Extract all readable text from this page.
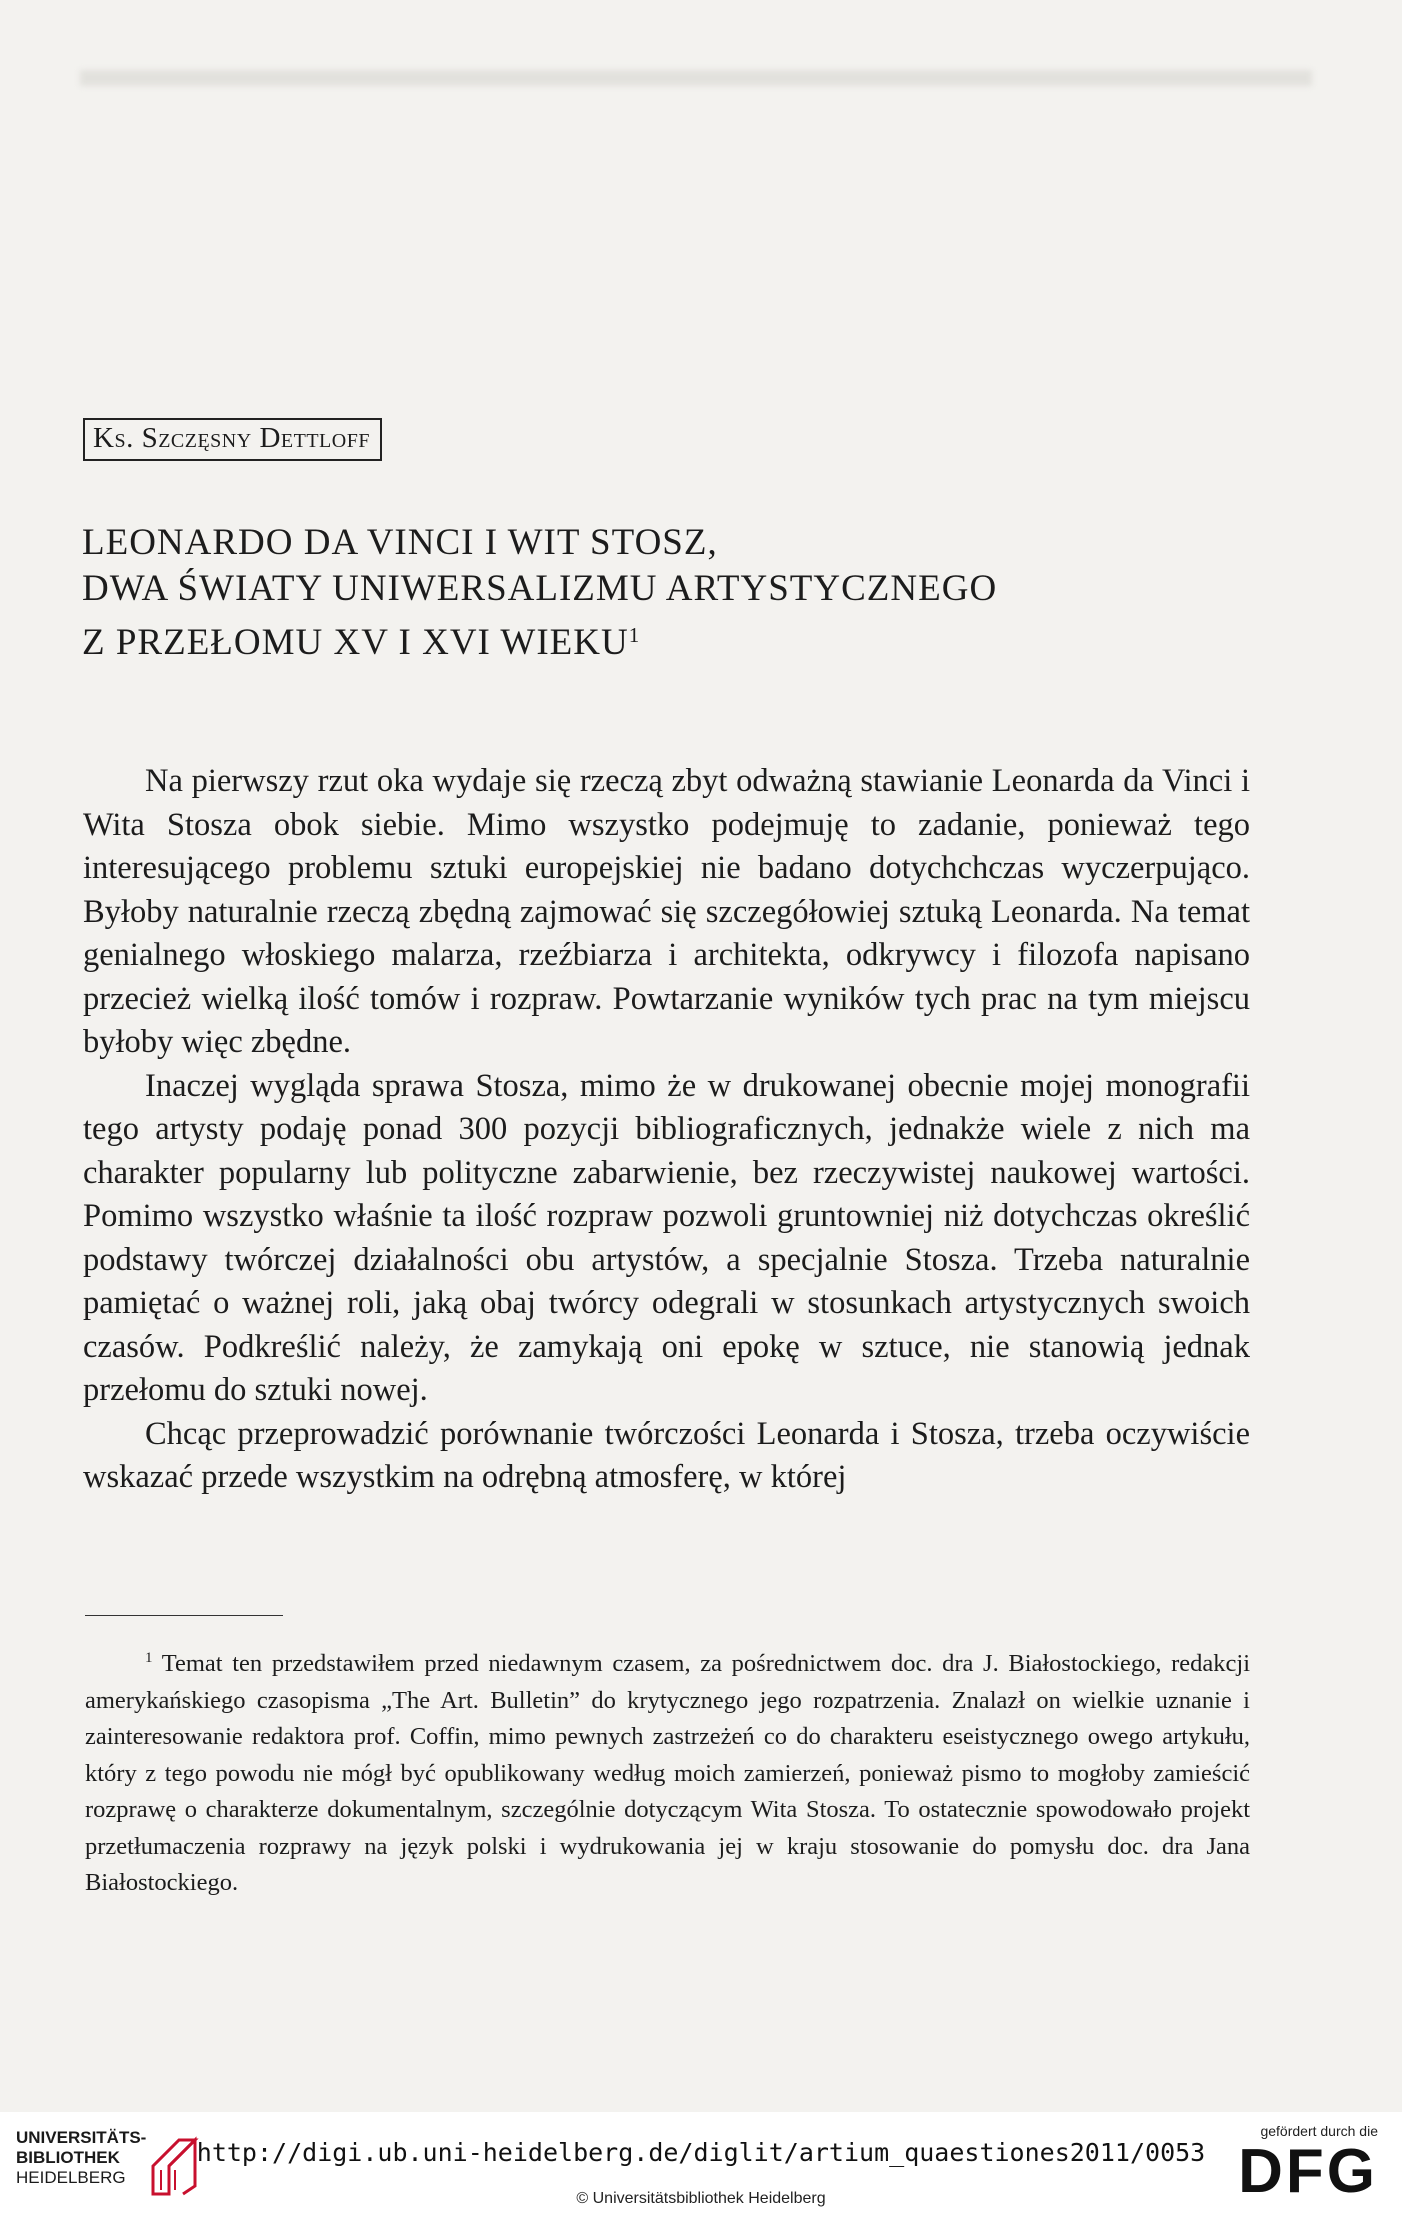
Ks. Szczęsny Dettloff
LEONARDO DA VINCI I WIT STOSZ,
DWA ŚWIATY UNIWERSALIZMU ARTYSTYCZNEGO
Z PRZEŁOMU XV I XVI WIEKU$^1$

Na pierwszy rzut oka wydaje się rzeczą zbyt odważną stawianie Leonarda da Vinci i Wita Stosza obok siebie. Mimo wszystko podejmuję to zadanie, ponieważ tego interesującego problemu sztuki europejskiej nie badano dotychchczas wyczerpująco. Byłoby naturalnie rzeczą zbędną zajmować się szczegółowiej sztuką Leonarda. Na temat genialnego włoskiego malarza, rzeźbiarza i architekta, odkrywcy i filozofa napisano przecież wielką ilość tomów i rozpraw. Powtarzanie wyników tych prac na tym miejscu byłoby więc zbędne.

Inaczej wygląda sprawa Stosza, mimo że w drukowanej obecnie mojej monografii tego artysty podaję ponad 300 pozycji bibliograficznych, jednakże wiele z nich ma charakter popularny lub polityczne zabarwienie, bez rzeczywistej naukowej wartości. Pomimo wszystko właśnie ta ilość rozpraw pozwoli gruntowniej niż dotychczas określić podstawy twórczej działalności obu artystów, a specjalnie Stosza. Trzeba naturalnie pamiętać o ważnej roli, jaką obaj twórcy odegrali w stosunkach artystycznych swoich czasów. Podkreślić należy, że zamykają oni epokę w sztuce, nie stanowią jednak przełomu do sztuki nowej.

Chcąc przeprowadzić porównanie twórczości Leonarda i Stosza, trzeba oczywiście wskazać przede wszystkim na odrębną atmosferę, w której

$^1$ Temat ten przedstawiłem przed niedawnym czasem, za pośrednictwem doc. dra J. Białostockiego, redakcji amerykańskiego czasopisma „The Art. Bulletin” do krytycznego jego rozpatrzenia. Znalazł on wielkie uznanie i zainteresowanie redaktora prof. Coffin, mimo pewnych zastrzeżeń co do charakteru eseistycznego owego artykułu, który z tego powodu nie mógł być opublikowany według moich zamierzeń, ponieważ pismo to mogłoby zamieścić rozprawę o charakterze dokumentalnym, szczególnie dotyczącym Wita Stosza. To ostatecznie spowodowało projekt przetłumaczenia rozprawy na język polski i wydrukowania jej w kraju stosowanie do pomysłu doc. dra Jana Białostockiego.

UNIVERSITÄTS-
BIBLIOTHEK
HEIDELBERG
http://digi.ub.uni-heidelberg.de/diglit/artium_quaestiones2011/0053
© Universitätsbibliothek Heidelberg
gefördert durch die
DFG
